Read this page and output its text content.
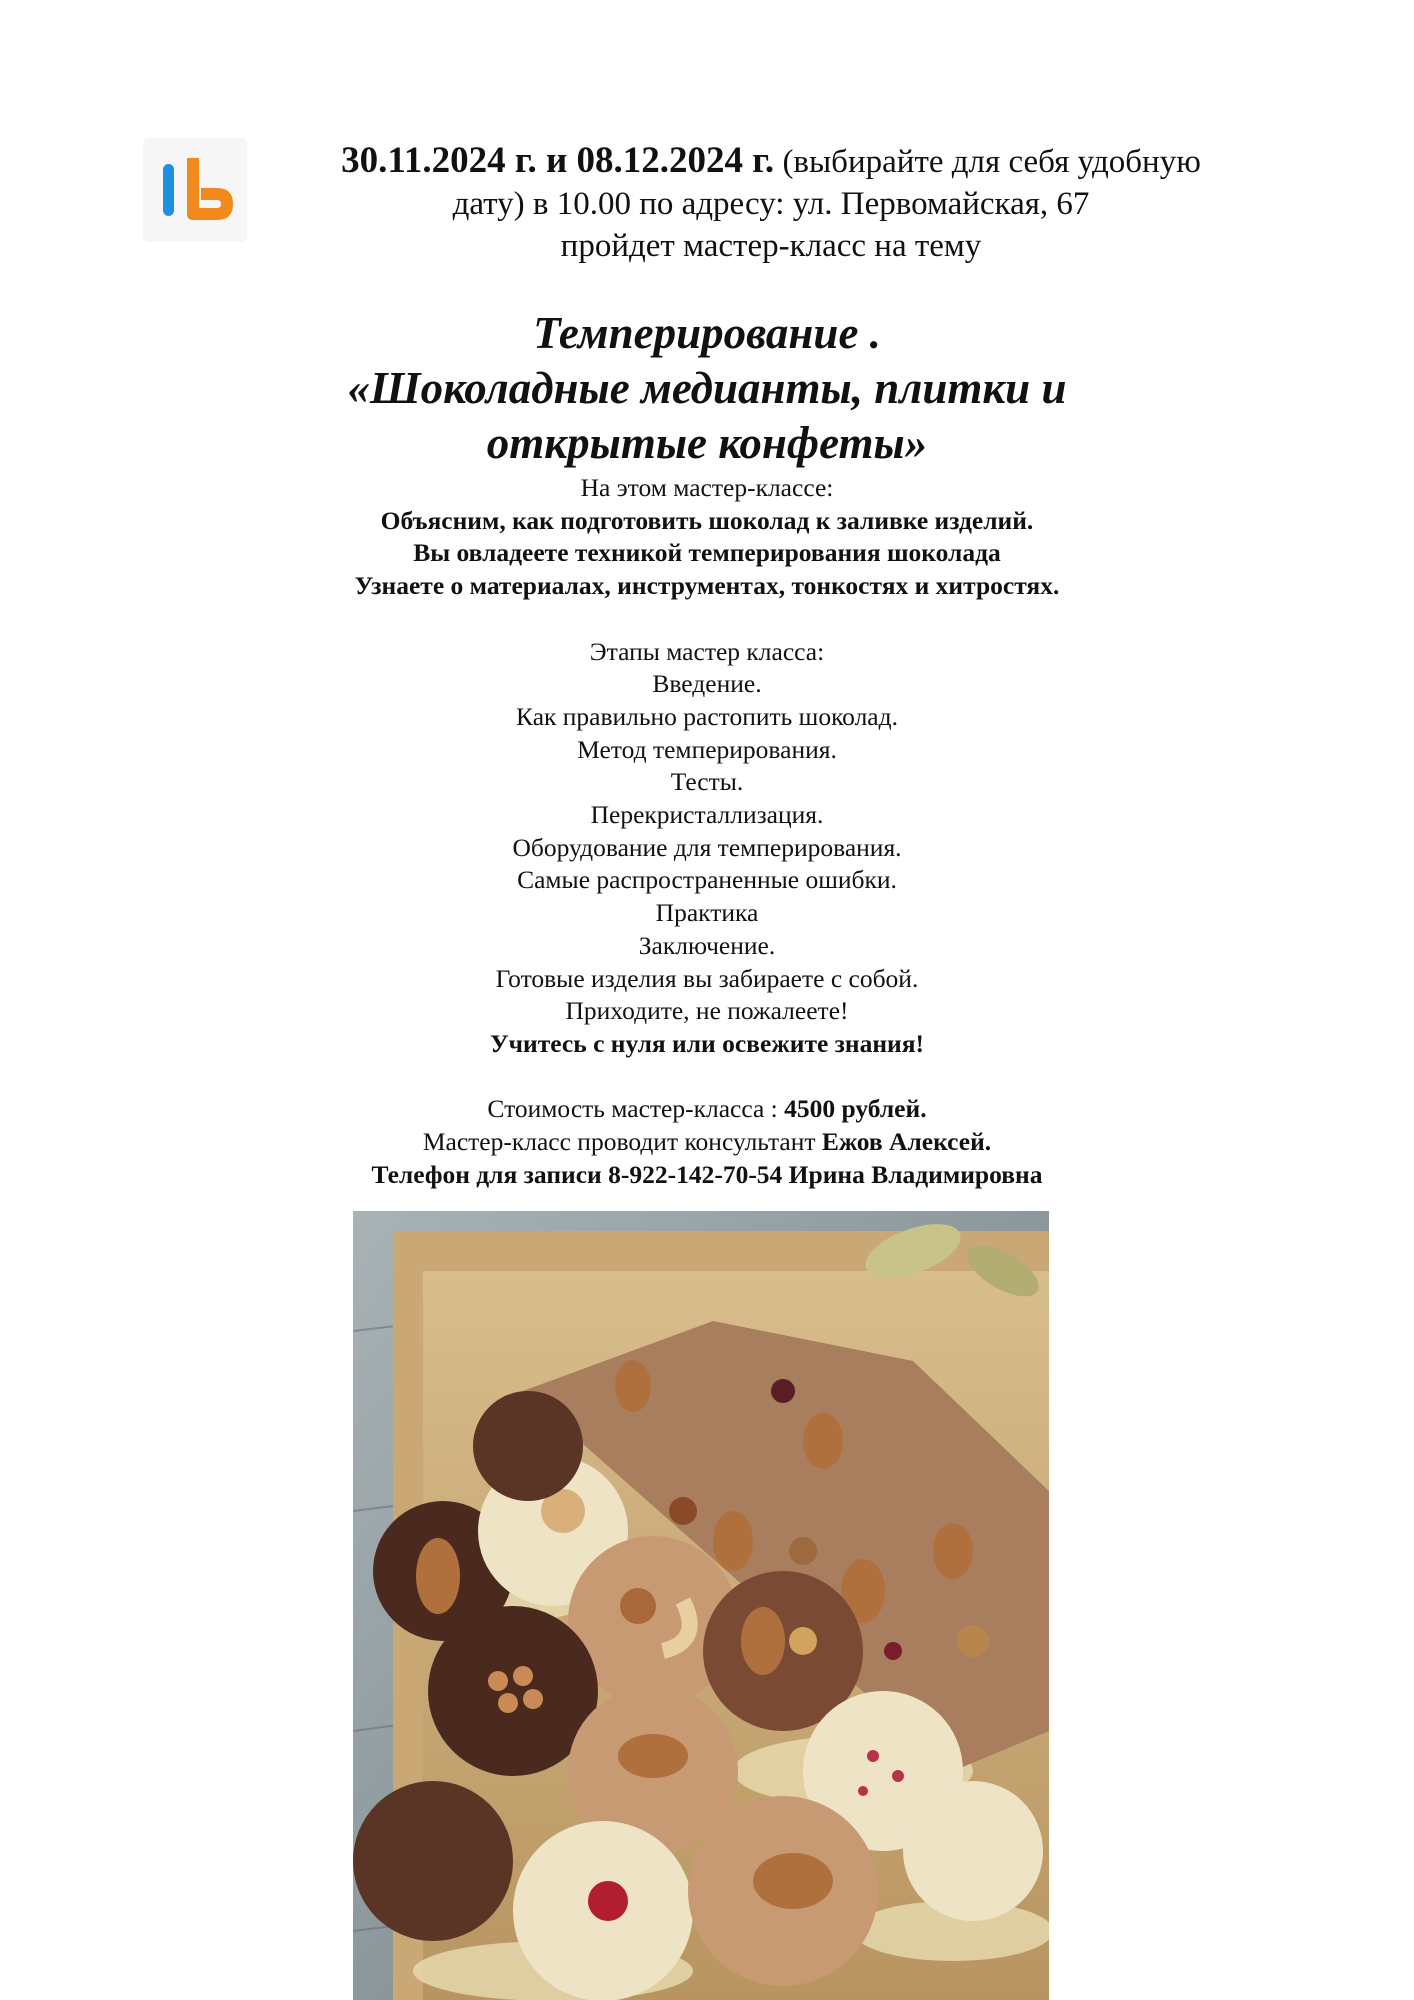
30.11.2024 г. и 08.12.2024 г. (выбирайте для себя удобную
дату) в 10.00 по адресу: ул. Первомайская, 67
пройдет мастер-класс на тему
Темперирование .
«Шоколадные медианты, плитки и
открытые конфеты»
На этом мастер-классе:
Объясним, как подготовить шоколад к заливке изделий.
Вы овладеете техникой темперирования шоколада
Узнаете о материалах, инструментах, тонкостях и хитростях.
Этапы мастер класса:
Введение.
Как правильно растопить шоколад.
Метод темперирования.
Тесты.
Перекристаллизация.
Оборудование для темперирования.
Самые распространенные ошибки.
Практика
Заключение.
Готовые изделия вы забираете с собой.
Приходите, не пожалеете!
Учитесь с нуля или освежите знания!
Стоимость мастер-класса : 4500 рублей.
Мастер-класс проводит консультант Ежов Алексей.
Телефон для записи 8-922-142-70-54 Ирина Владимировна
